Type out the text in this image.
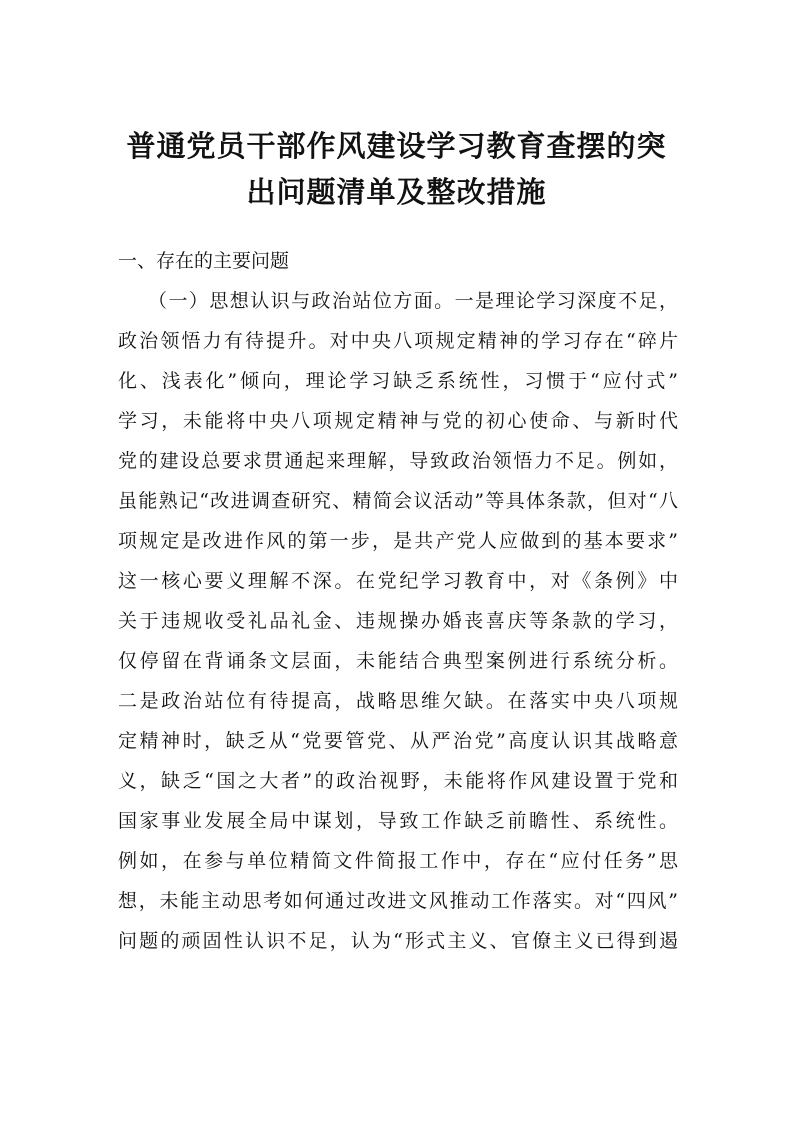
普通党员干部作风建设学习教育查摆的突
出问题清单及整改措施
一、存在的主要问题
（一）思想认识与政治站位方面。一是理论学习深度不足，
政治领悟力有待提升。对中央八项规定精神的学习存在“碎片
化、浅表化”倾向，理论学习缺乏系统性，习惯于“应付式”
学习，未能将中央八项规定精神与党的初心使命、与新时代
党的建设总要求贯通起来理解，导致政治领悟力不足。例如，
虽能熟记“改进调查研究、精简会议活动”等具体条款，但对“八
项规定是改进作风的第一步，是共产党人应做到的基本要求”
这一核心要义理解不深。在党纪学习教育中，对《条例》中
关于违规收受礼品礼金、违规操办婚丧喜庆等条款的学习，
仅停留在背诵条文层面，未能结合典型案例进行系统分析。
二是政治站位有待提高，战略思维欠缺。在落实中央八项规
定精神时，缺乏从“党要管党、从严治党”高度认识其战略意
义，缺乏“国之大者”的政治视野，未能将作风建设置于党和
国家事业发展全局中谋划，导致工作缺乏前瞻性、系统性。
例如，在参与单位精简文件简报工作中，存在“应付任务”思
想，未能主动思考如何通过改进文风推动工作落实。对“四风”
问题的顽固性认识不足，认为“形式主义、官僚主义已得到遏
